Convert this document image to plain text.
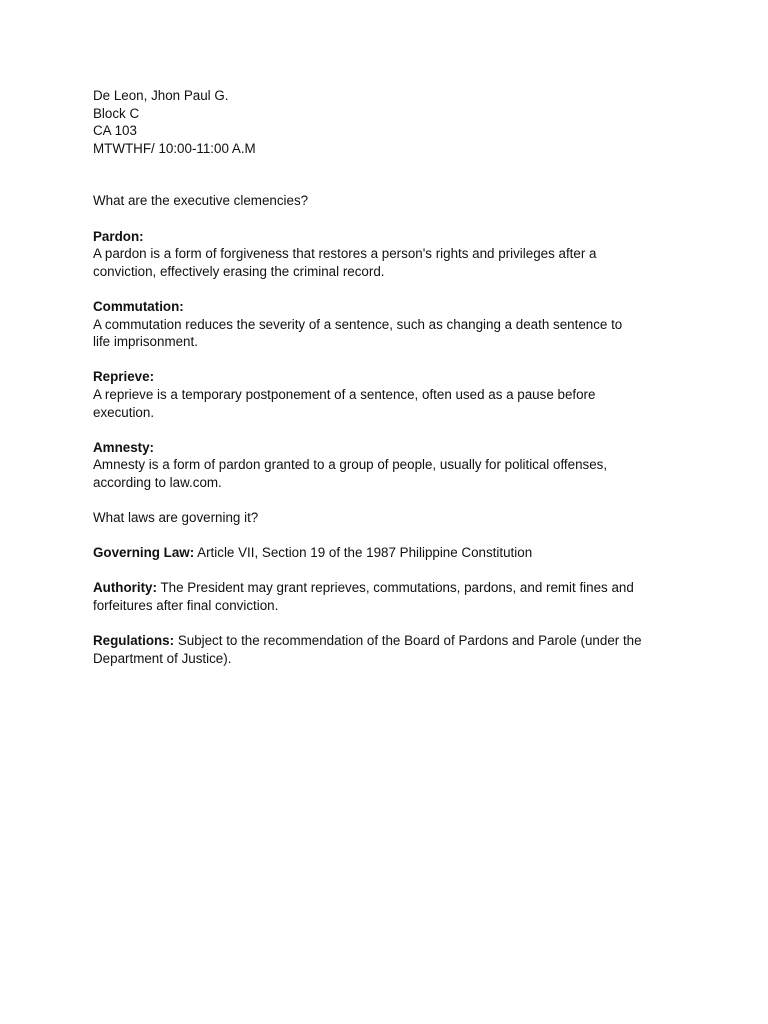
De Leon, Jhon Paul G.
Block C
CA 103
MTWTHF/ 10:00-11:00 A.M
What are the executive clemencies?
Pardon:
A pardon is a form of forgiveness that restores a person's rights and privileges after a
conviction, effectively erasing the criminal record.
Commutation:
A commutation reduces the severity of a sentence, such as changing a death sentence to
life imprisonment.
Reprieve:
A reprieve is a temporary postponement of a sentence, often used as a pause before
execution.
Amnesty:
Amnesty is a form of pardon granted to a group of people, usually for political offenses,
according to law.com.
What laws are governing it?
Governing Law: Article VII, Section 19 of the 1987 Philippine Constitution
Authority: The President may grant reprieves, commutations, pardons, and remit fines and
forfeitures after final conviction.
Regulations: Subject to the recommendation of the Board of Pardons and Parole (under the
Department of Justice).
